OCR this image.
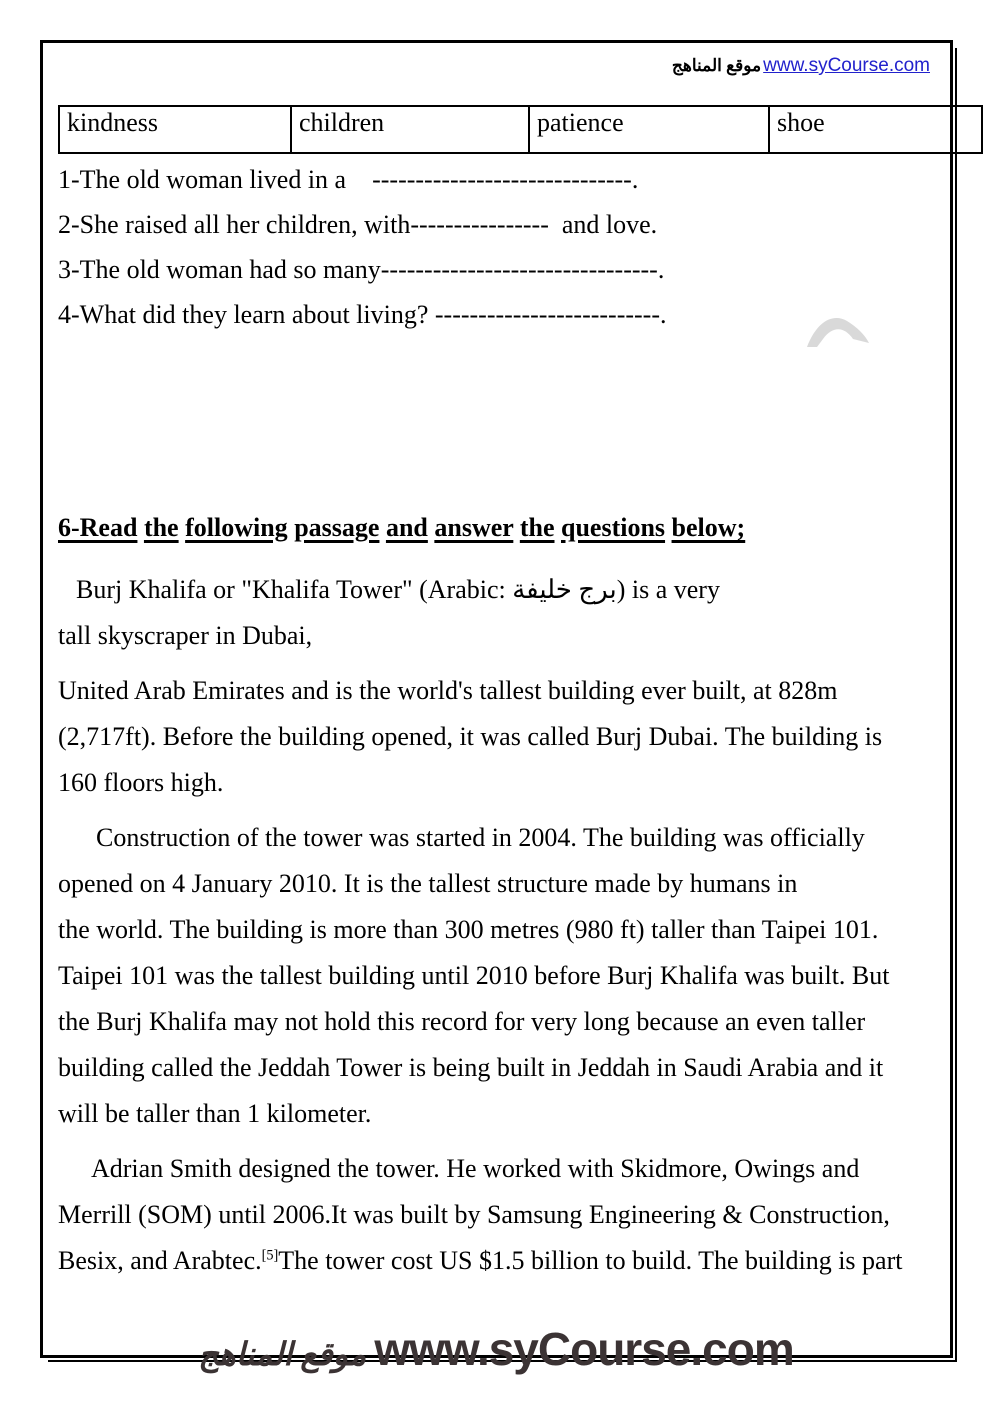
موقع المناهج www.syCourse.com
kindness	children	patience	shoe
1-The old woman lived in a    ------------------------------.
2-She raised all her children, with----------------  and love.
3-The old woman had so many--------------------------------.
4-What did they learn about living? --------------------------.
6-Read the following passage and answer the questions below;
Burj Khalifa or "Khalifa Tower" (Arabic: برج خليفة) is a very
tall skyscraper in Dubai,
United Arab Emirates and is the world's tallest building ever built, at 828m
(2,717ft). Before the building opened, it was called Burj Dubai. The building is
160 floors high.
Construction of the tower was started in 2004. The building was officially
opened on 4 January 2010. It is the tallest structure made by humans in
the world. The building is more than 300 metres (980 ft) taller than Taipei 101.
Taipei 101 was the tallest building until 2010 before Burj Khalifa was built. But
the Burj Khalifa may not hold this record for very long because an even taller
building called the Jeddah Tower is being built in Jeddah in Saudi Arabia and it
will be taller than 1 kilometer.
Adrian Smith designed the tower. He worked with Skidmore, Owings and
Merrill (SOM) until 2006.It was built by Samsung Engineering & Construction,
Besix, and Arabtec.[5]The tower cost US $1.5 billion to build. The building is part
موقع المناهج www.syCourse.com
